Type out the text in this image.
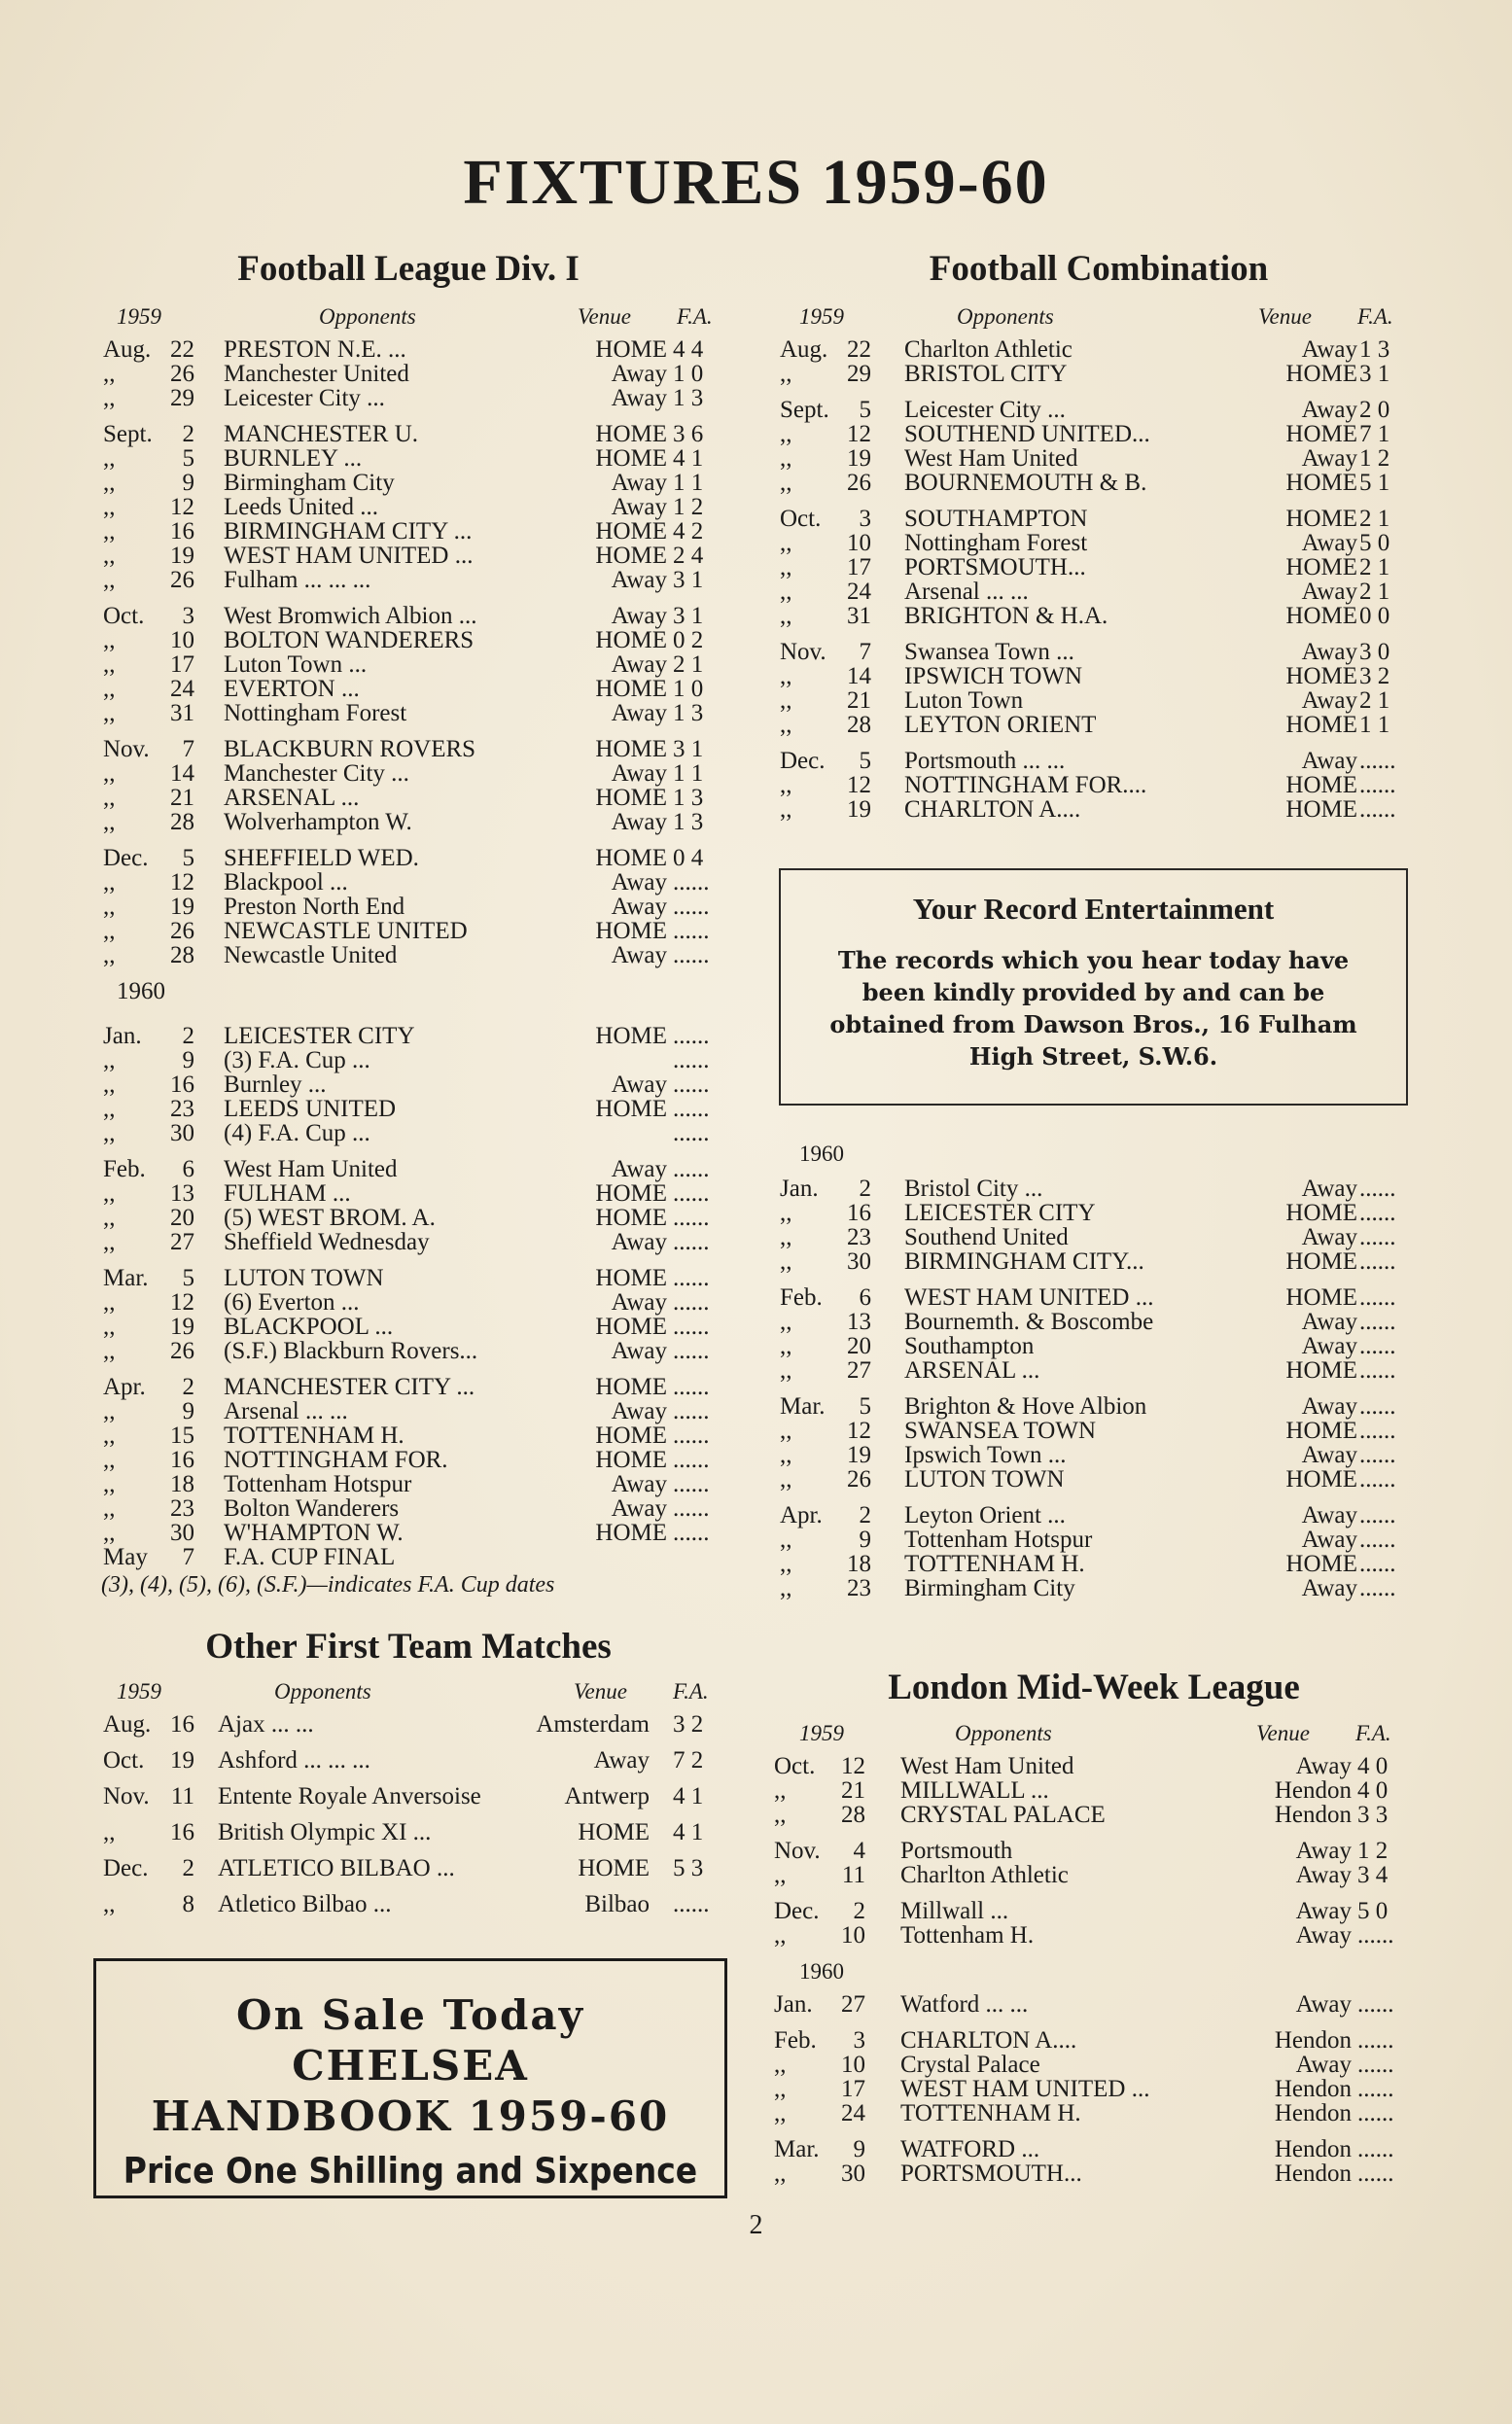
FIXTURES 1959-60
Football League Div. I
1959	Opponents	Venue F.A.
Aug. 22 PRESTON N.E. ...	HOME 4 4
,,	26 Manchester United	Away 1 0
,,	29 Leicester City ...	Away 1 3
Sept.	2 MANCHESTER U.	HOME 3 6
,,	5 BURNLEY ...	HOME 4 1
,,	9 Birmingham City	Away 1 1
,,	12 Leeds United ...	Away 1 2
,,	16 BIRMINGHAM CITY ...	HOME 4 2
,,	19 WEST HAM UNITED ...	HOME 2 4
,,	26 Fulham ... ... ...	Away 3 1
Oct.	3 West Bromwich Albion ...	Away 3 1
,,	10 BOLTON WANDERERS	HOME 0 2
,,	17 Luton Town ...	Away 2 1
,,	24 EVERTON ...	HOME 1 0
,,	31 Nottingham Forest	Away 1 3
Nov.	7 BLACKBURN ROVERS	HOME 3 1
,,	14 Manchester City ...	Away 1 1
,,	21 ARSENAL ...	HOME 1 3
,,	28 Wolverhampton W.	Away 1 3
Dec.	5 SHEFFIELD WED.	HOME 0 4
,,	12 Blackpool ...	Away ......
,,	19 Preston North End	Away ......
,,	26 NEWCASTLE UNITED	HOME ......
,,	28 Newcastle United	Away ......
1960
Jan.	2 LEICESTER CITY	HOME ......
,,	9 (3) F.A. Cup ...	......
,,	16 Burnley ...	Away ......
,,	23 LEEDS UNITED	HOME ......
,,	30 (4) F.A. Cup ...	......
Feb.	6 West Ham United	Away ......
,,	13 FULHAM ...	HOME ......
,,	20 (5) WEST BROM. A.	HOME ......
,,	27 Sheffield Wednesday	Away ......
Mar.	5 LUTON TOWN	HOME ......
,,	12 (6) Everton ...	Away ......
,,	19 BLACKPOOL ...	HOME ......
,,	26 (S.F.) Blackburn Rovers...	Away ......
Apr.	2 MANCHESTER CITY ...	HOME ......
,,	9 Arsenal ... ...	Away ......
,,	15 TOTTENHAM H.	HOME ......
,,	16 NOTTINGHAM FOR.	HOME ......
,,	18 Tottenham Hotspur	Away ......
,,	23 Bolton Wanderers	Away ......
,,	30 W'HAMPTON W.	HOME ......
May	7 F.A. CUP FINAL
(3), (4), (5), (6), (S.F.)—indicates F.A. Cup dates
Football Combination
1959	Opponents	Venue F.A.
Aug. 22 Charlton Athletic	Away 1 3
,,	29 BRISTOL CITY	HOME 3 1
Sept.	5 Leicester City ...	Away 2 0
,,	12 SOUTHEND UNITED...	HOME 7 1
,,	19 West Ham United	Away 1 2
,,	26 BOURNEMOUTH & B.	HOME 5 1
Oct.	3 SOUTHAMPTON	HOME 2 1
,,	10 Nottingham Forest	Away 5 0
,,	17 PORTSMOUTH...	HOME 2 1
,,	24 Arsenal ... ...	Away 2 1
,,	31 BRIGHTON & H.A.	HOME 0 0
Nov.	7 Swansea Town ...	Away 3 0
,,	14 IPSWICH TOWN	HOME 3 2
,,	21 Luton Town	Away 2 1
,,	28 LEYTON ORIENT	HOME 1 1
Dec.	5 Portsmouth ... ...	Away ......
,,	12 NOTTINGHAM FOR....	HOME ......
,,	19 CHARLTON A....	HOME ......
Your Record Entertainment
The records which you hear today have been kindly provided by and can be obtained from Dawson Bros., 16 Fulham High Street, S.W.6.
1960
Jan.	2 Bristol City ...	Away ......
,,	16 LEICESTER CITY	HOME ......
,,	23 Southend United	Away ......
,,	30 BIRMINGHAM CITY...	HOME ......
Feb.	6 WEST HAM UNITED ...	HOME ......
,,	13 Bournemth. & Boscombe	Away ......
,,	20 Southampton	Away ......
,,	27 ARSENAL ...	HOME ......
Mar.	5 Brighton & Hove Albion	Away ......
,,	12 SWANSEA TOWN	HOME ......
,,	19 Ipswich Town ...	Away ......
,,	26 LUTON TOWN	HOME ......
Apr.	2 Leyton Orient ...	Away ......
,,	9 Tottenham Hotspur	Away ......
,,	18 TOTTENHAM H.	HOME ......
,,	23 Birmingham City	Away ......
Other First Team Matches
1959	Opponents	Venue F.A.
Aug. 16 Ajax ... ...	Amsterdam 3 2
Oct.	19 Ashford ... ... ...	Away 7 2
Nov. 11 Entente Royale Anversoise	Antwerp 4 1
,,	16 British Olympic XI ...	HOME 4 1
Dec.	2 ATLETICO BILBAO ...	HOME 5 3
,,	8 Atletico Bilbao ...	Bilbao ......
On Sale Today
CHELSEA
HANDBOOK 1959-60
Price One Shilling and Sixpence
London Mid-Week League
1959	Opponents	Venue F.A.
Oct.	12 West Ham United	Away 4 0
,,	21 MILLWALL ...	Hendon 4 0
,,	28 CRYSTAL PALACE	Hendon 3 3
Nov.	4 Portsmouth	Away 1 2
,,	11 Charlton Athletic	Away 3 4
Dec.	2 Millwall ...	Away 5 0
,,	10 Tottenham H.	Away ......
1960
Jan.	27 Watford ... ...	Away ......
Feb.	3 CHARLTON A....	Hendon ......
,,	10 Crystal Palace	Away ......
,,	17 WEST HAM UNITED ...	Hendon ......
,,	24 TOTTENHAM H.	Hendon ......
Mar.	9 WATFORD ...	Hendon ......
,,	30 PORTSMOUTH...	Hendon ......
2
